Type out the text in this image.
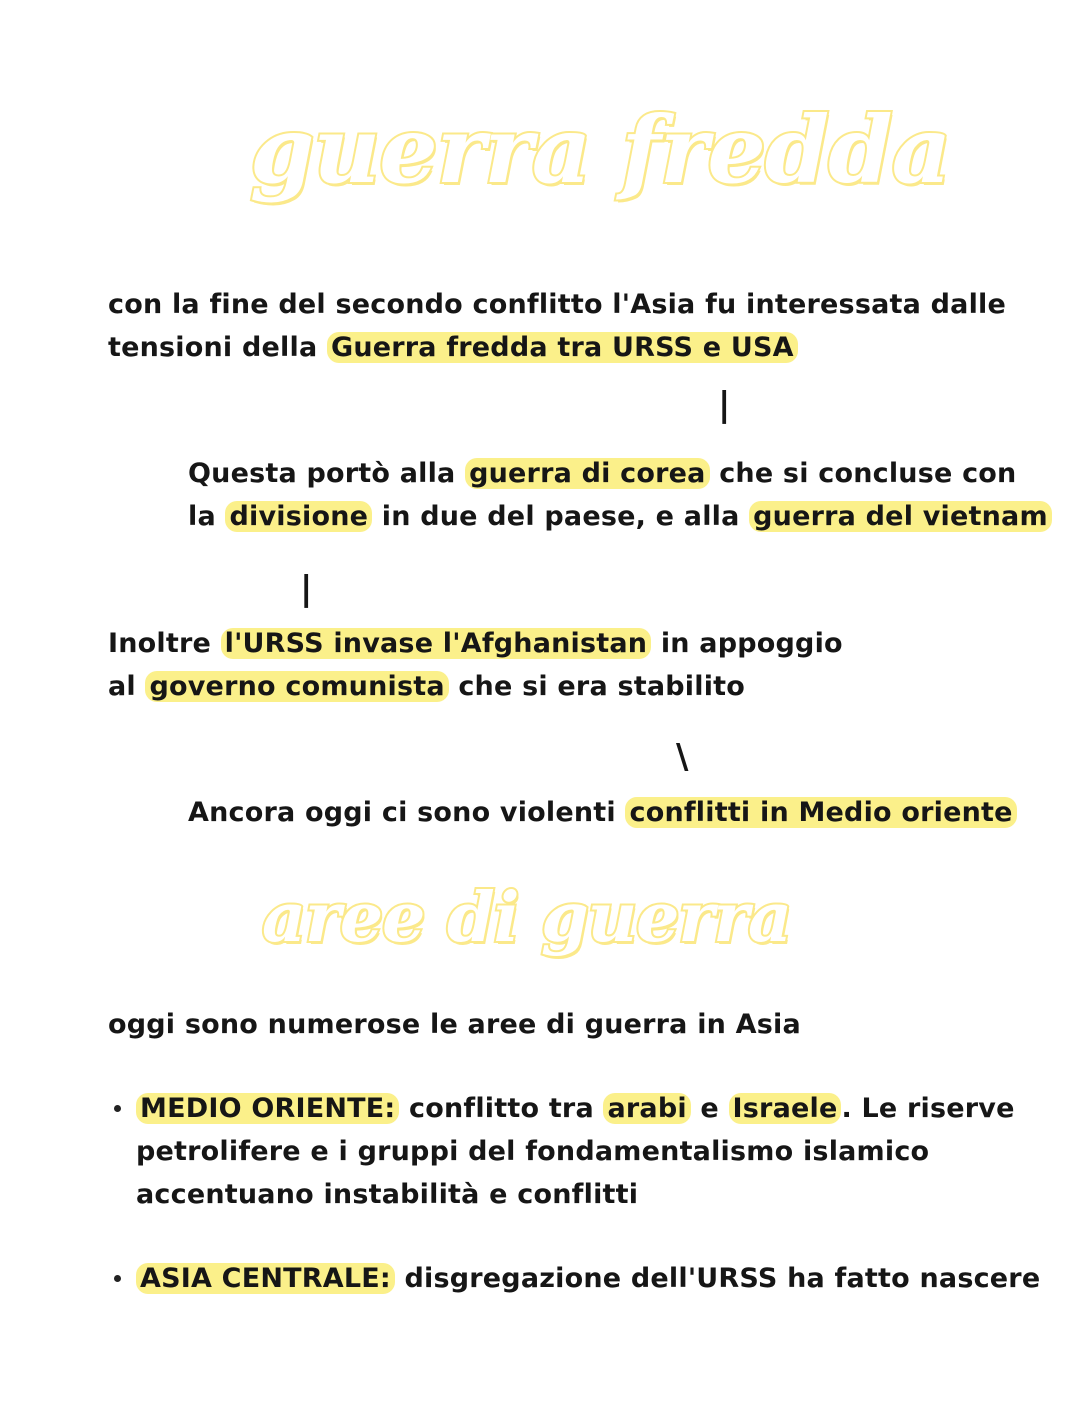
guerra fredda
con la fine del secondo conflitto l'Asia fu interessata dalle
tensioni della Guerra fredda tra URSS e USA
|
Questa portò alla guerra di corea che si concluse con
la divisione in due del paese, e alla guerra del vietnam
|
Inoltre l'URSS invase l'Afghanistan in appoggio
al governo comunista che si era stabilito
\
Ancora oggi ci sono violenti conflitti in Medio oriente
aree di guerra
oggi sono numerose le aree di guerra in Asia
MEDIO ORIENTE: conflitto tra arabi e Israele . Le riserve
petrolifere e i gruppi del fondamentalismo islamico
accentuano instabilità e conflitti
ASIA CENTRALE: disgregazione dell'URSS ha fatto nascere
